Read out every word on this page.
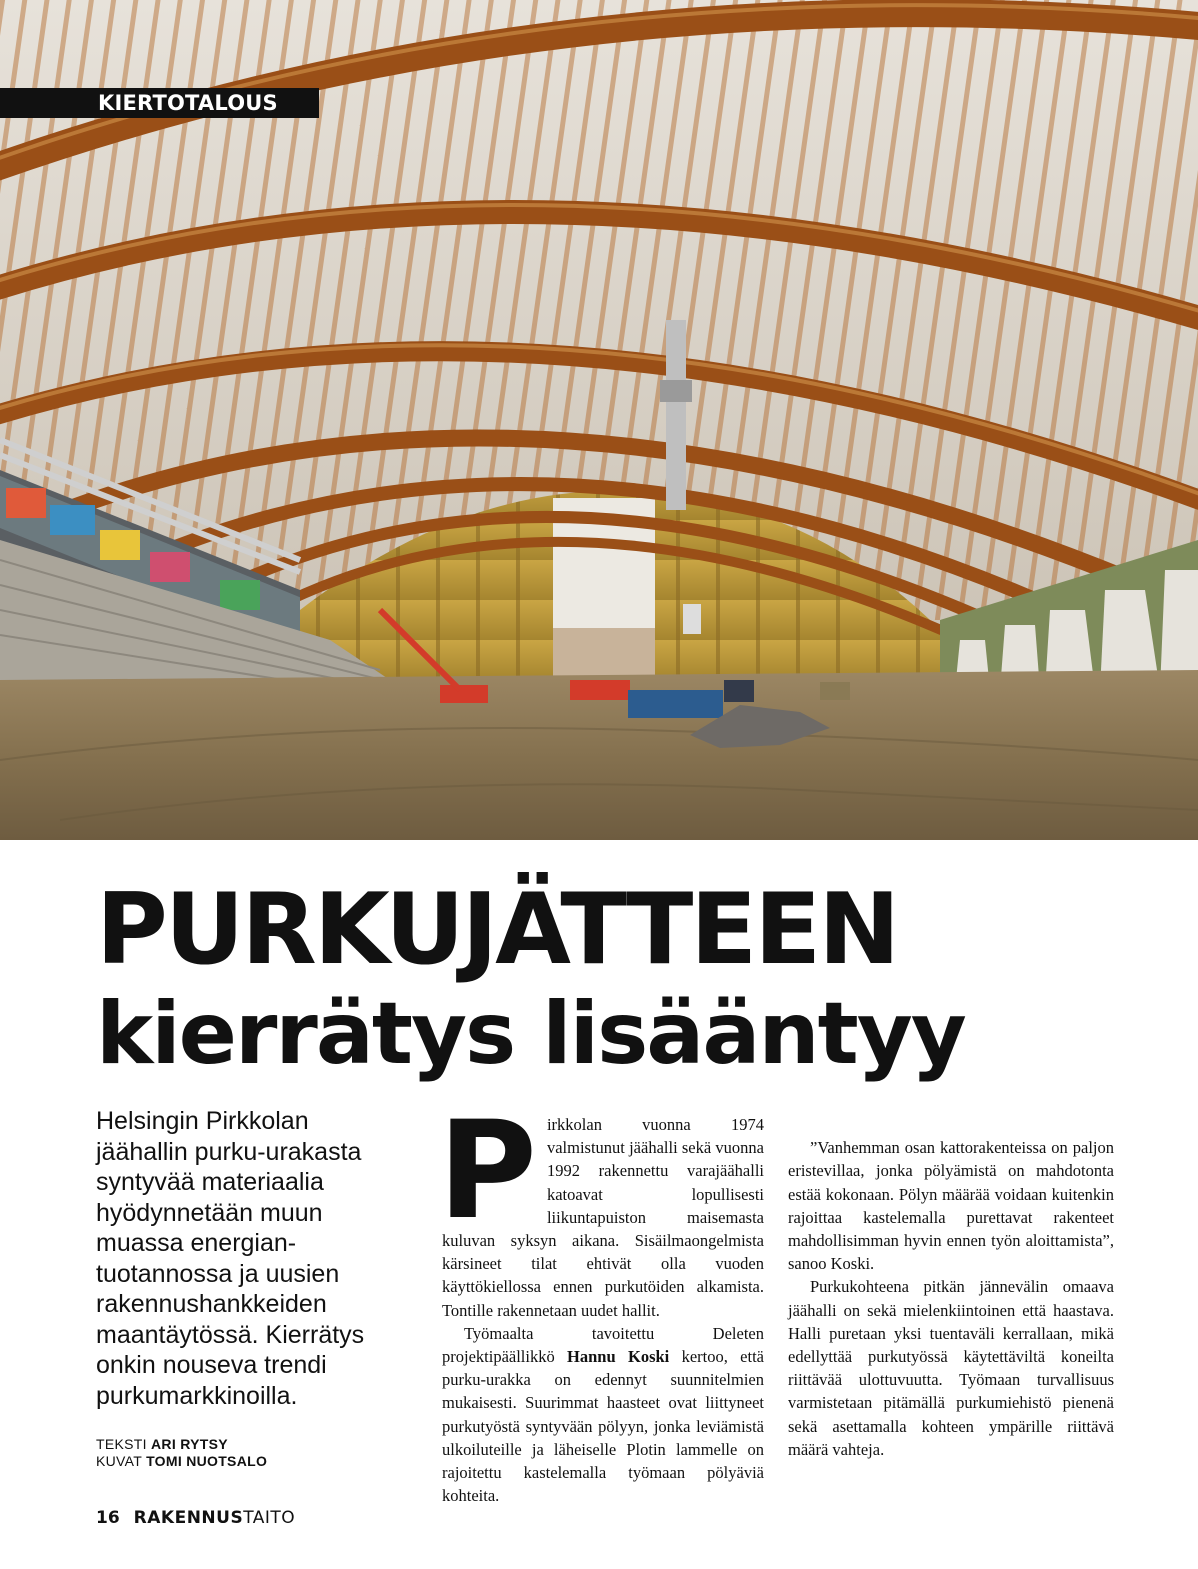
KIERTOTALOUS
PURKUJÄTTEEN
kierrätys lisääntyy
Helsingin Pirkkolan jäähallin purku-urakasta syntyvää materiaalia hyödynnetään muun muassa energian-tuotannossa ja uusien rakennushankkeiden maantäytössä. Kierrätys onkin nouseva trendi purkumarkkinoilla.
TEKSTI ARI RYTSY
KUVAT TOMI NUOTSALO

Pirkkolan vuonna 1974 valmistunut jäähalli sekä vuonna 1992 rakennettu varajäähalli katoavat lopullisesti liikuntapuiston maisemasta kuluvan syksyn aikana. Sisäilmaongelmista kärsineet tilat ehtivät olla vuoden käyttökiellossa ennen purkutöiden alkamista. Tontille rakennetaan uudet hallit.

Työmaalta tavoitettu Deleten projektipäällikkö Hannu Koski kertoo, että purku-urakka on edennyt suunnitelmien mukaisesti. Suurimmat haasteet ovat liittyneet purkutyöstä syntyvään pölyyn, jonka leviämistä ulkoiluteille ja läheiselle Plotin lammelle on rajoitettu kastelemalla työmaan pölyäviä kohteita.

”Vanhemman osan kattorakenteissa on paljon eristevillaa, jonka pölyämistä on mahdotonta estää kokonaan. Pölyn määrää voidaan kuitenkin rajoittaa kastelemalla purettavat rakenteet mahdollisimman hyvin ennen työn aloittamista”, sanoo Koski.

Purkukohteena pitkän jännevälin omaava jäähalli on sekä mielenkiintoinen että haastava. Halli puretaan yksi tuentaväli kerrallaan, mikä edellyttää purkutyössä käytettäviltä koneilta riittävää ulottuvuutta. Työmaan turvallisuus varmistetaan pitämällä purkumiehistö pienenä sekä asettamalla kohteen ympärille riittävä määrä vahteja.

16 RAKENNUSTAITO
